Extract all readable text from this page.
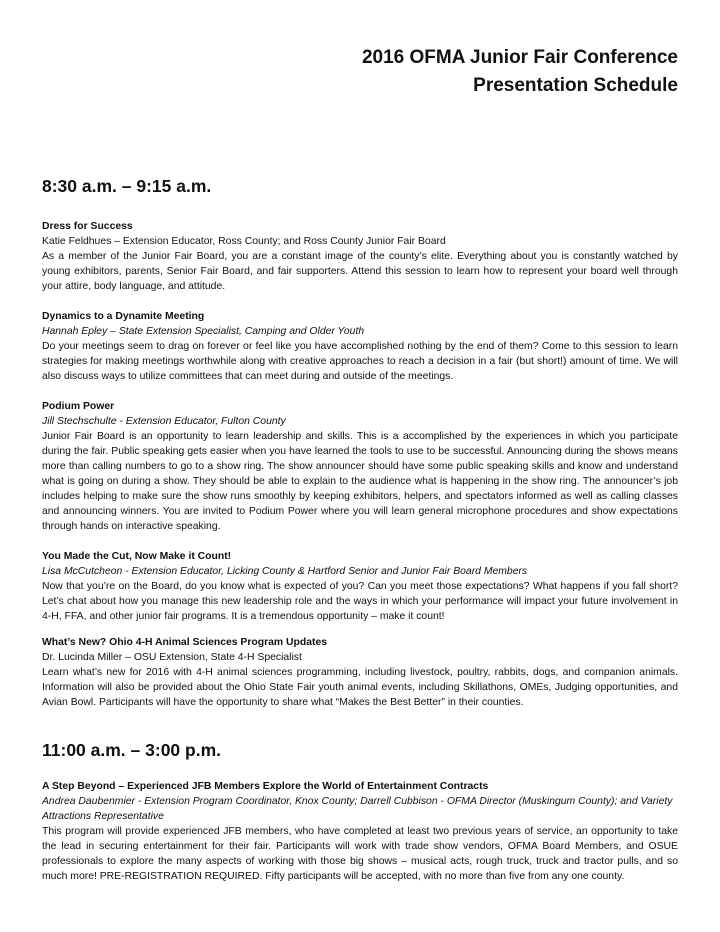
2016 OFMA Junior Fair Conference
Presentation Schedule
8:30 a.m. – 9:15 a.m.
Dress for Success
Katie Feldhues – Extension Educator, Ross County; and Ross County Junior Fair Board

As a member of the Junior Fair Board, you are a constant image of the county’s elite. Everything about you is constantly watched by young exhibitors, parents, Senior Fair Board, and fair supporters. Attend this session to learn how to represent your board well through your attire, body language, and attitude.

Dynamics to a Dynamite Meeting
Hannah Epley – State Extension Specialist, Camping and Older Youth

Do your meetings seem to drag on forever or feel like you have accomplished nothing by the end of them? Come to this session to learn strategies for making meetings worthwhile along with creative approaches to reach a decision in a fair (but short!) amount of time. We will also discuss ways to utilize committees that can meet during and outside of the meetings.

Podium Power
Jill Stechschulte - Extension Educator, Fulton County

Junior Fair Board is an opportunity to learn leadership and skills. This is a accomplished by the experiences in which you participate during the fair. Public speaking gets easier when you have learned the tools to use to be successful. Announcing during the shows means more than calling numbers to go to a show ring. The show announcer should have some public speaking skills and know and understand what is going on during a show. They should be able to explain to the audience what is happening in the show ring. The announcer’s job includes helping to make sure the show runs smoothly by keeping exhibitors, helpers, and spectators informed as well as calling classes and announcing winners. You are invited to Podium Power where you will learn general microphone procedures and show expectations through hands on interactive speaking.

You Made the Cut, Now Make it Count!
Lisa McCutcheon - Extension Educator, Licking County & Hartford Senior and Junior Fair Board Members

Now that you’re on the Board, do you know what is expected of you? Can you meet those expectations? What happens if you fall short? Let’s chat about how you manage this new leadership role and the ways in which your performance will impact your future involvement in 4-H, FFA, and other junior fair programs. It is a tremendous opportunity – make it count!

What’s New? Ohio 4-H Animal Sciences Program Updates
Dr. Lucinda Miller – OSU Extension, State 4-H Specialist

Learn what’s new for 2016 with 4-H animal sciences programming, including livestock, poultry, rabbits, dogs, and companion animals. Information will also be provided about the Ohio State Fair youth animal events, including Skillathons, OMEs, Judging opportunities, and Avian Bowl. Participants will have the opportunity to share what “Makes the Best Better” in their counties.

11:00 a.m. – 3:00 p.m.
A Step Beyond – Experienced JFB Members Explore the World of Entertainment Contracts
Andrea Daubenmier - Extension Program Coordinator, Knox County; Darrell Cubbison - OFMA Director (Muskingum County); and Variety Attractions Representative

This program will provide experienced JFB members, who have completed at least two previous years of service, an opportunity to take the lead in securing entertainment for their fair. Participants will work with trade show vendors, OFMA Board Members, and OSUE professionals to explore the many aspects of working with those big shows – musical acts, rough truck, truck and tractor pulls, and so much more! PRE-REGISTRATION REQUIRED. Fifty participants will be accepted, with no more than five from any one county.
